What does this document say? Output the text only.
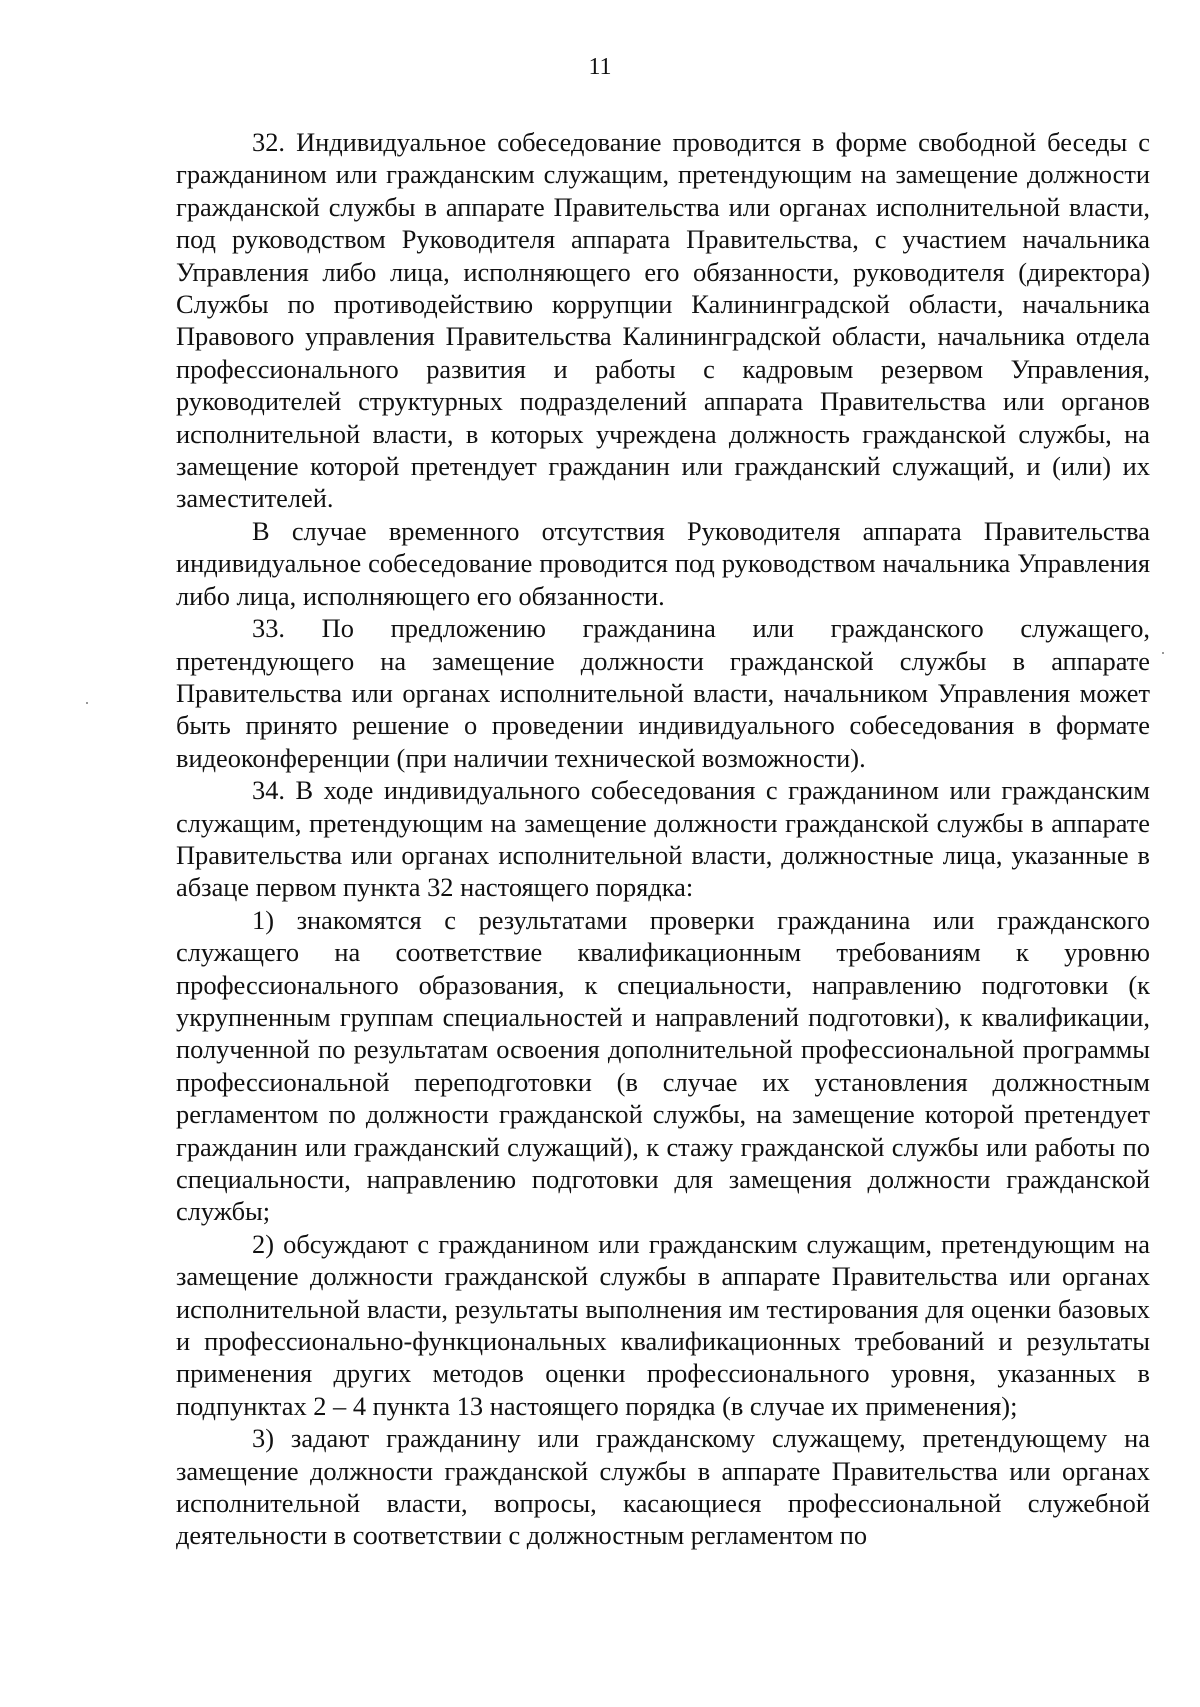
11

32. Индивидуальное собеседование проводится в форме свободной беседы с гражданином или гражданским служащим, претендующим на замещение должности гражданской службы в аппарате Правительства или органах исполнительной власти, под руководством Руководителя аппарата Правительства, с участием начальника Управления либо лица, исполняющего его обязанности, руководителя (директора) Службы по противодействию коррупции Калининградской области, начальника Правового управления Правительства Калининградской области, начальника отдела профессионального развития и работы с кадровым резервом Управления, руководителей структурных подразделений аппарата Правительства или органов исполнительной власти, в которых учреждена должность гражданской службы, на замещение которой претендует гражданин или гражданский служащий, и (или) их заместителей.

В случае временного отсутствия Руководителя аппарата Правительства индивидуальное собеседование проводится под руководством начальника Управления либо лица, исполняющего его обязанности.

33. По предложению гражданина или гражданского служащего, претендующего на замещение должности гражданской службы в аппарате Правительства или органах исполнительной власти, начальником Управления может быть принято решение о проведении индивидуального собеседования в формате видеоконференции (при наличии технической возможности).

34. В ходе индивидуального собеседования с гражданином или гражданским служащим, претендующим на замещение должности гражданской службы в аппарате Правительства или органах исполнительной власти, должностные лица, указанные в абзаце первом пункта 32 настоящего порядка:

1) знакомятся с результатами проверки гражданина или гражданского служащего на соответствие квалификационным требованиям к уровню профессионального образования, к специальности, направлению подготовки (к укрупненным группам специальностей и направлений подготовки), к квалификации, полученной по результатам освоения дополнительной профессиональной программы профессиональной переподготовки (в случае их установления должностным регламентом по должности гражданской службы, на замещение которой претендует гражданин или гражданский служащий), к стажу гражданской службы или работы по специальности, направлению подготовки для замещения должности гражданской службы;

2) обсуждают с гражданином или гражданским служащим, претендующим на замещение должности гражданской службы в аппарате Правительства или органах исполнительной власти, результаты выполнения им тестирования для оценки базовых и профессионально-функциональных квалификационных требований и результаты применения других методов оценки профессионального уровня, указанных в подпунктах 2 – 4 пункта 13 настоящего порядка (в случае их применения);

3) задают гражданину или гражданскому служащему, претендующему на замещение должности гражданской службы в аппарате Правительства или органах исполнительной власти, вопросы, касающиеся профессиональной служебной деятельности в соответствии с должностным регламентом по
